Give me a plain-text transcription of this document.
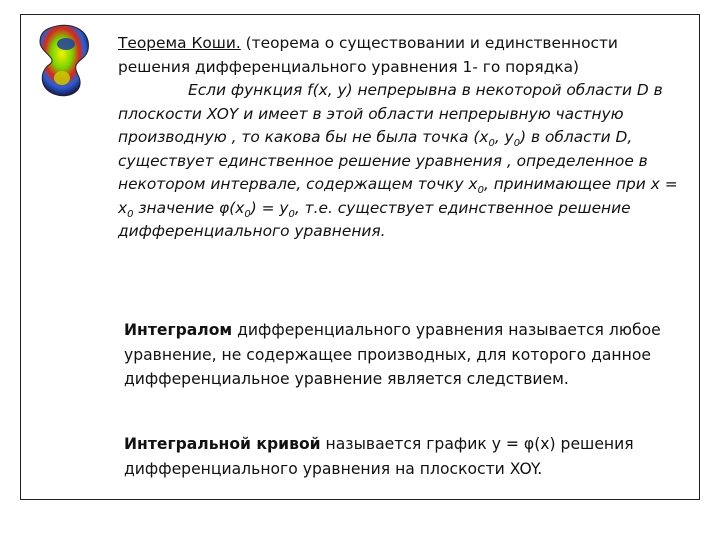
Теорема Коши. (теорема о существовании и единственности решения дифференциального уравнения 1- го порядка)
Если функция f(x, y) непрерывна в некоторой области D в плоскости XOY и имеет в этой области непрерывную частную производную , то какова бы не была точка ($x_0$, $y_0$) в области D, существует единственное решение уравнения , определенное в некотором интервале, содержащем точку $x_0$, принимающее при $x = x_0$ значение $\varphi(x_0) = y_0$, т.е. существует единственное решение дифференциального уравнения.
Интегралом дифференциального уравнения называется любое уравнение, не содержащее производных, для которого данное дифференциальное уравнение является следствием.
Интегральной кривой называется график y = φ(x) решения дифференциального уравнения на плоскости XOY.
